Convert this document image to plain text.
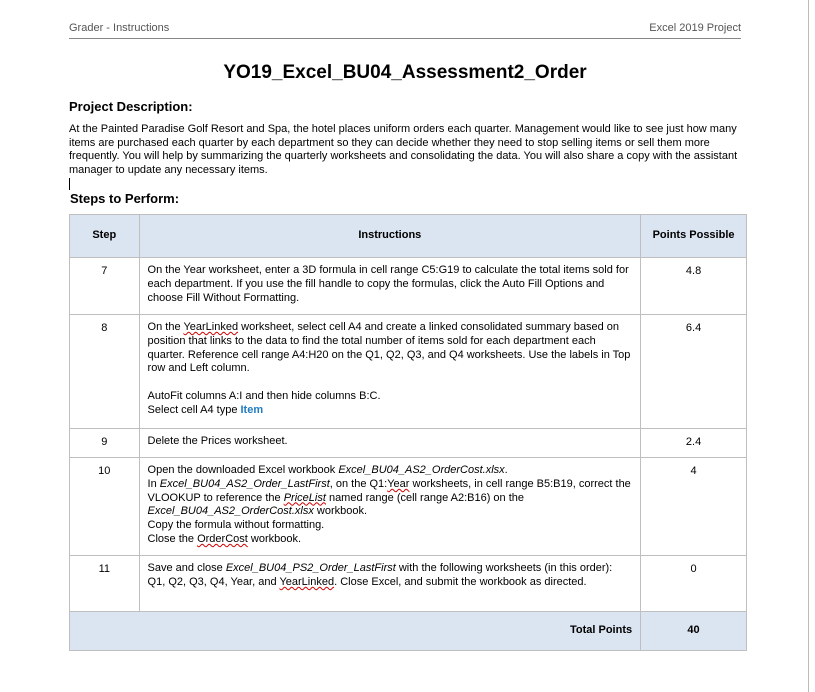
Grader - Instructions	Excel 2019 Project
YO19_Excel_BU04_Assessment2_Order
Project Description:
At the Painted Paradise Golf Resort and Spa, the hotel places uniform orders each quarter. Management would like to see just how many items are purchased each quarter by each department so they can decide whether they need to stop selling items or sell them more frequently. You will help by summarizing the quarterly worksheets and consolidating the data. You will also share a copy with the assistant manager to update any necessary items.
Steps to Perform:
Step	Instructions	Points Possible
7	On the Year worksheet, enter a 3D formula in cell range C5:G19 to calculate the total items sold for each department. If you use the fill handle to copy the formulas, click the Auto Fill Options and choose Fill Without Formatting.	4.8
8	On the YearLinked worksheet, select cell A4 and create a linked consolidated summary based on position that links to the data to find the total number of items sold for each department each quarter. Reference cell range A4:H20 on the Q1, Q2, Q3, and Q4 worksheets. Use the labels in Top row and Left column.
AutoFit columns A:I and then hide columns B:C.
Select cell A4 type Item	6.4
9	Delete the Prices worksheet.	2.4
10	Open the downloaded Excel workbook Excel_BU04_AS2_OrderCost.xlsx.
In Excel_BU04_AS2_Order_LastFirst, on the Q1:Year worksheets, in cell range B5:B19, correct the VLOOKUP to reference the PriceList named range (cell range A2:B16) on the Excel_BU04_AS2_OrderCost.xlsx workbook.
Copy the formula without formatting.
Close the OrderCost workbook.	4
11	Save and close Excel_BU04_PS2_Order_LastFirst with the following worksheets (in this order): Q1, Q2, Q3, Q4, Year, and YearLinked. Close Excel, and submit the workbook as directed.	0
Total Points		40
